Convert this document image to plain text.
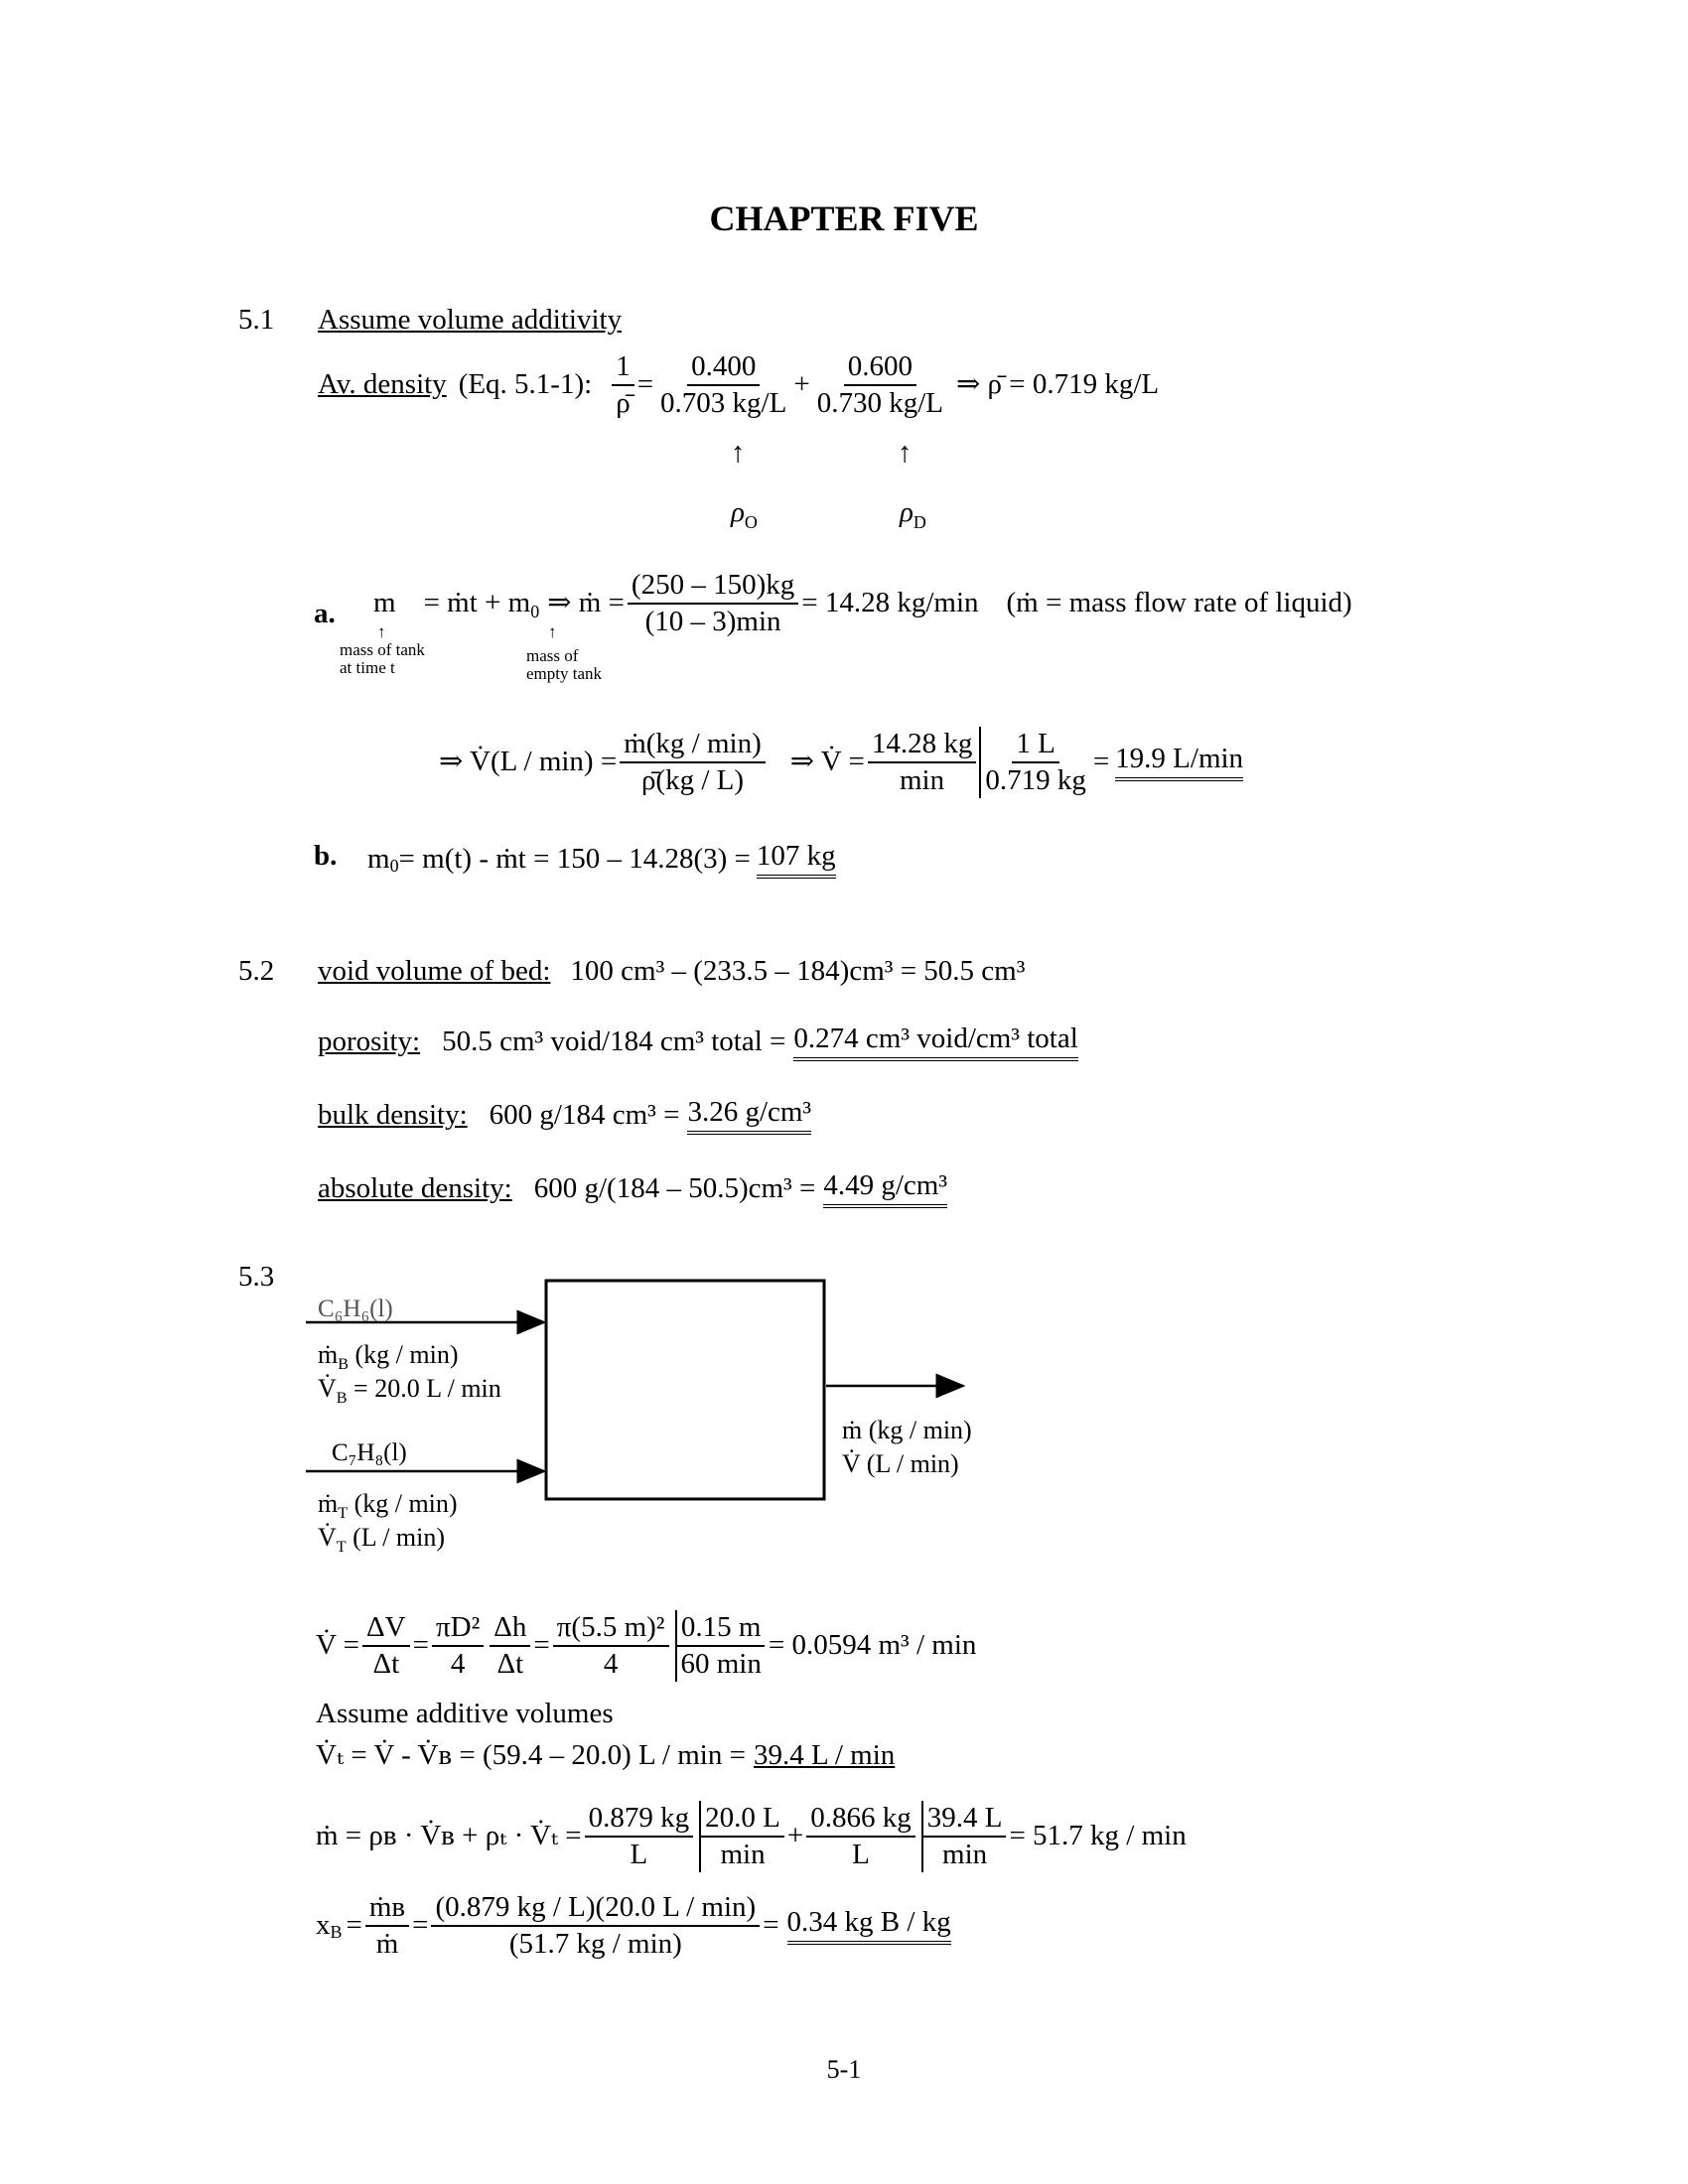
CHAPTER FIVE
5.1 Assume volume additivity
Av. density (Eq. 5.1-1): $\frac{1}{\rhō} = \frac{0.400}{0.703 kg/L} + \frac{0.600}{0.730 kg/L}$ ⇒ ρ̄ = 0.719 kg/L
↑	↑
$\rho_O$	$\rho_D$
a. m = ṁt + $m_0$ ⇒ ṁ = $\frac{(250 - 150)kg}{(10 - 3)\min} = 14.28$ kg/min (ṁ = mass flow rate of liquid)
↑
mass of tank
at time t
↑
mass of
empty tank
⇒ V̇(L / $\min) = \frac{\text{ṁ(kg / min)}}{\rhō(kg / L)}$ ⇒ V̇ = $\frac{14.28 kg}{\min} \frac{1 L}{0.719 kg} = 19.9$ L/min
b. $m_0 = m(t)$ - ṁt = 150 – 14.28(3) = 107 kg
5.2 void volume of bed: 100 cm³ – (233.5 – 184)cm³ = 50.5 cm³
porosity: 50.5 cm³ void/184 cm³ total = 0.274 cm³ void/cm³ total
bulk density: 600 g/184 cm³ = 3.26 g/cm³
absolute density: 600 g/(184 – 50.5)cm³ = 4.49 g/cm³
5.3
C₆H₆(l)
ṁ$_B$ (kg / min)
$V̇_B = 20.0$ L / min
C₇H₈(l)
ṁ$_T$ (kg / min)
$V̇_T$ (L / min)
ṁ (kg / min)
V̇ (L / min)
V̇ = $\frac{\Delta V}{\Delta t} = \frac{\text{πD²}}{4} \frac{\Delta h}{\Delta t} = \frac{\text{π(5.5 m)²}}{4} \frac{0.15 m}{60 \min} = 0.0594$ m³ / min
Assume additive volumes
V̇ₜ = V̇ - V̇ʙ = (59.4 – 20.0) L / min = 39.4 L / min
ṁ = ρʙ · V̇ʙ + ρₜ · V̇ₜ = $\frac{0.879 kg}{L} \frac{20.0 L}{\min} + \frac{0.866 kg}{L} \frac{39.4 L}{\min} = 51.7$ kg / min
$x_B = \frac{\text{ṁʙ}}{\text{ṁ}} = \frac{(0.879 kg / L)(20.0 L / \min)}{(51.7 kg / \min)} = 0.34$ kg B / kg
5-1
